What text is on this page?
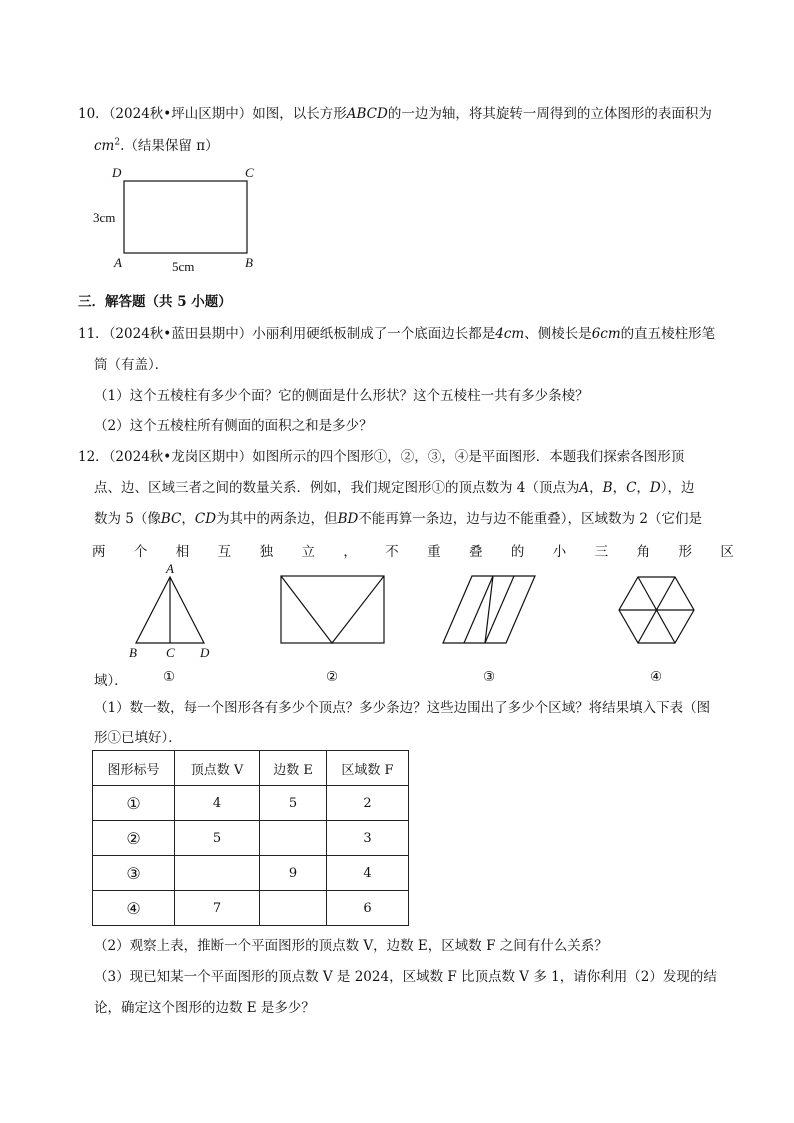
10．（2024秋•坪山区期中）如图，以长方形ABCD的一边为轴，将其旋转一周得到的立体图形的表面积为
$cm^2$.（结果保留 π）
D	C
A	B
3cm
5cm
三．解答题（共 5 小题）
11．（2024秋•蓝田县期中）小丽利用硬纸板制成了一个底面边长都是4cm、侧棱长是6cm的直五棱柱形笔
筒（有盖）．
（1）这个五棱柱有多少个面？它的侧面是什么形状？这个五棱柱一共有多少条棱？
（2）这个五棱柱所有侧面的面积之和是多少？
12．（2024秋•龙岗区期中）如图所示的四个图形①，②，③，④是平面图形．本题我们探索各图形顶
点、边、区域三者之间的数量关系．例如，我们规定图形①的顶点数为 4（顶点为A，B，C，D），边
数为 5（像BC，CD为其中的两条边，但BD不能再算一条边，边与边不能重叠），区域数为 2（它们是
两 个 相 互 独 立 ， 不 重 叠 的 小 三 角 形 区
A
B C D
域）．	①	②	③	④
（1）数一数，每一个图形各有多少个顶点？多少条边？这些边围出了多少个区域？将结果填入下表（图
形①已填好）．
图形标号	顶点数 V	边数 E	区域数 F
①	4	5	2
②	5		3
③		9	4
④	7		6
（2）观察上表，推断一个平面图形的顶点数 V，边数 E，区域数 F 之间有什么关系？
（3）现已知某一个平面图形的顶点数 V 是 2024，区域数 F 比顶点数 V 多 1，请你利用（2）发现的结
论，确定这个图形的边数 E 是多少？
